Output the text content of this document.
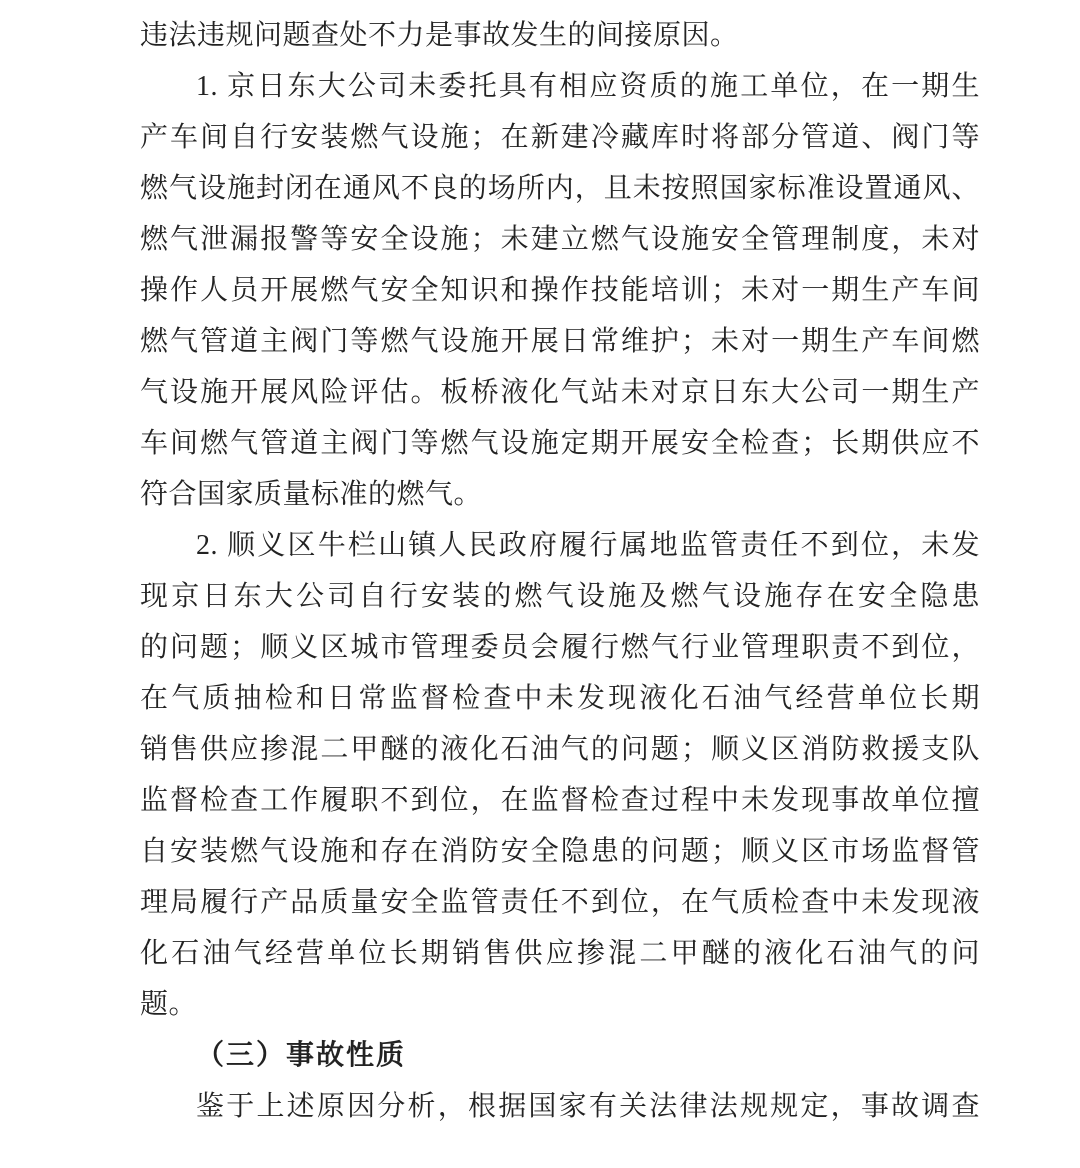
违法违规问题查处不力是事故发生的间接原因。
1. 京日东大公司未委托具有相应资质的施工单位，在一期生
产车间自行安装燃气设施；在新建冷藏库时将部分管道、阀门等
燃气设施封闭在通风不良的场所内，且未按照国家标准设置通风、
燃气泄漏报警等安全设施；未建立燃气设施安全管理制度，未对
操作人员开展燃气安全知识和操作技能培训；未对一期生产车间
燃气管道主阀门等燃气设施开展日常维护；未对一期生产车间燃
气设施开展风险评估。板桥液化气站未对京日东大公司一期生产
车间燃气管道主阀门等燃气设施定期开展安全检查；长期供应不
符合国家质量标准的燃气。
2. 顺义区牛栏山镇人民政府履行属地监管责任不到位，未发
现京日东大公司自行安装的燃气设施及燃气设施存在安全隐患
的问题；顺义区城市管理委员会履行燃气行业管理职责不到位，
在气质抽检和日常监督检查中未发现液化石油气经营单位长期
销售供应掺混二甲醚的液化石油气的问题；顺义区消防救援支队
监督检查工作履职不到位，在监督检查过程中未发现事故单位擅
自安装燃气设施和存在消防安全隐患的问题；顺义区市场监督管
理局履行产品质量安全监管责任不到位，在气质检查中未发现液
化石油气经营单位长期销售供应掺混二甲醚的液化石油气的问
题。
（三）事故性质
鉴于上述原因分析，根据国家有关法律法规规定，事故调查
